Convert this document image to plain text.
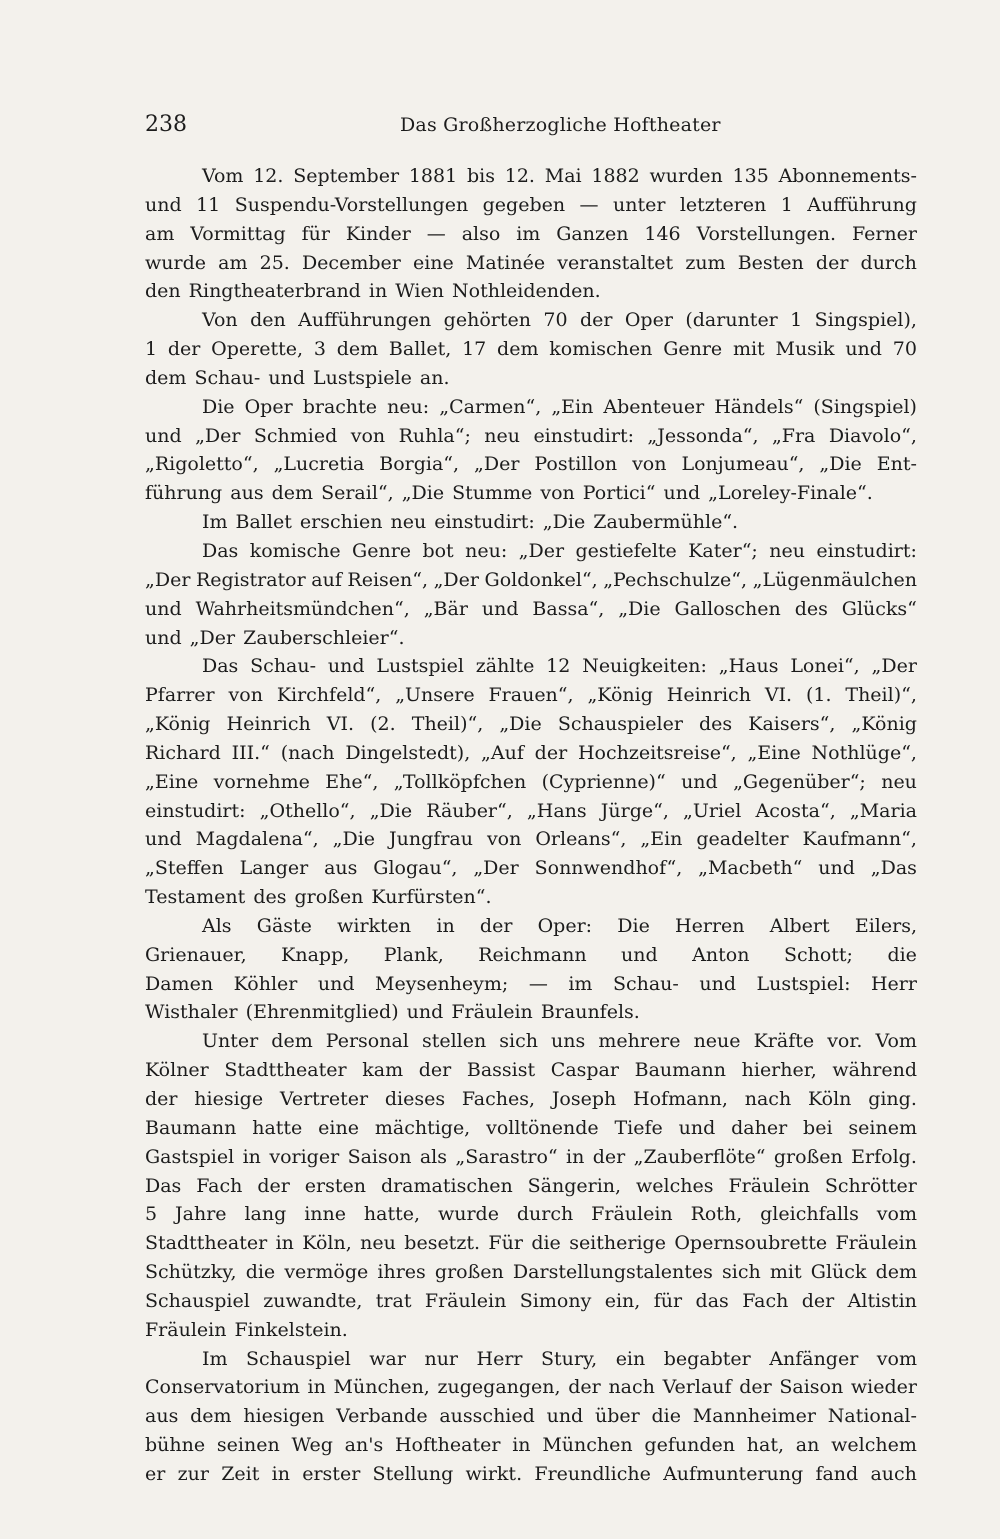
238	Das Großherzogliche Hoftheater
Vom 12. September 1881 bis 12. Mai 1882 wurden 135 Abonnements-
und 11 Suspendu-Vorstellungen gegeben — unter letzteren 1 Aufführung
am Vormittag für Kinder — also im Ganzen 146 Vorstellungen. Ferner
wurde am 25. December eine Matinée veranstaltet zum Besten der durch
den Ringtheaterbrand in Wien Nothleidenden.
Von den Aufführungen gehörten 70 der Oper (darunter 1 Singspiel),
1 der Operette, 3 dem Ballet, 17 dem komischen Genre mit Musik und 70
dem Schau- und Lustspiele an.
Die Oper brachte neu: „Carmen“, „Ein Abenteuer Händels“ (Singspiel)
und „Der Schmied von Ruhla“; neu einstudirt: „Jessonda“, „Fra Diavolo“,
„Rigoletto“, „Lucretia Borgia“, „Der Postillon von Lonjumeau“, „Die Ent-
führung aus dem Serail“, „Die Stumme von Portici“ und „Loreley-Finale“.
Im Ballet erschien neu einstudirt: „Die Zaubermühle“.
Das komische Genre bot neu: „Der gestiefelte Kater“; neu einstudirt:
„Der Registrator auf Reisen“, „Der Goldonkel“, „Pechschulze“, „Lügenmäulchen
und Wahrheitsmündchen“, „Bär und Bassa“, „Die Galloschen des Glücks“
und „Der Zauberschleier“.
Das Schau- und Lustspiel zählte 12 Neuigkeiten: „Haus Lonei“, „Der
Pfarrer von Kirchfeld“, „Unsere Frauen“, „König Heinrich VI. (1. Theil)“,
„König Heinrich VI. (2. Theil)“, „Die Schauspieler des Kaisers“, „König
Richard III.“ (nach Dingelstedt), „Auf der Hochzeitsreise“, „Eine Nothlüge“,
„Eine vornehme Ehe“, „Tollköpfchen (Cyprienne)“ und „Gegenüber“; neu
einstudirt: „Othello“, „Die Räuber“, „Hans Jürge“, „Uriel Acosta“, „Maria
und Magdalena“, „Die Jungfrau von Orleans“, „Ein geadelter Kaufmann“,
„Steffen Langer aus Glogau“, „Der Sonnwendhof“, „Macbeth“ und „Das
Testament des großen Kurfürsten“.
Als Gäste wirkten in der Oper: Die Herren Albert Eilers,
Grienauer, Knapp, Plank, Reichmann und Anton Schott; die
Damen Köhler und Meysenheym; — im Schau- und Lustspiel: Herr
Wisthaler (Ehrenmitglied) und Fräulein Braunfels.
Unter dem Personal stellen sich uns mehrere neue Kräfte vor. Vom
Kölner Stadttheater kam der Bassist Caspar Baumann hierher, während
der hiesige Vertreter dieses Faches, Joseph Hofmann, nach Köln ging.
Baumann hatte eine mächtige, volltönende Tiefe und daher bei seinem
Gastspiel in voriger Saison als „Sarastro“ in der „Zauberflöte“ großen Erfolg.
Das Fach der ersten dramatischen Sängerin, welches Fräulein Schrötter
5 Jahre lang inne hatte, wurde durch Fräulein Roth, gleichfalls vom
Stadttheater in Köln, neu besetzt. Für die seitherige Opernsoubrette Fräulein
Schützky, die vermöge ihres großen Darstellungstalentes sich mit Glück dem
Schauspiel zuwandte, trat Fräulein Simony ein, für das Fach der Altistin
Fräulein Finkelstein.
Im Schauspiel war nur Herr Stury, ein begabter Anfänger vom
Conservatorium in München, zugegangen, der nach Verlauf der Saison wieder
aus dem hiesigen Verbande ausschied und über die Mannheimer National-
bühne seinen Weg an's Hoftheater in München gefunden hat, an welchem
er zur Zeit in erster Stellung wirkt. Freundliche Aufmunterung fand auch
